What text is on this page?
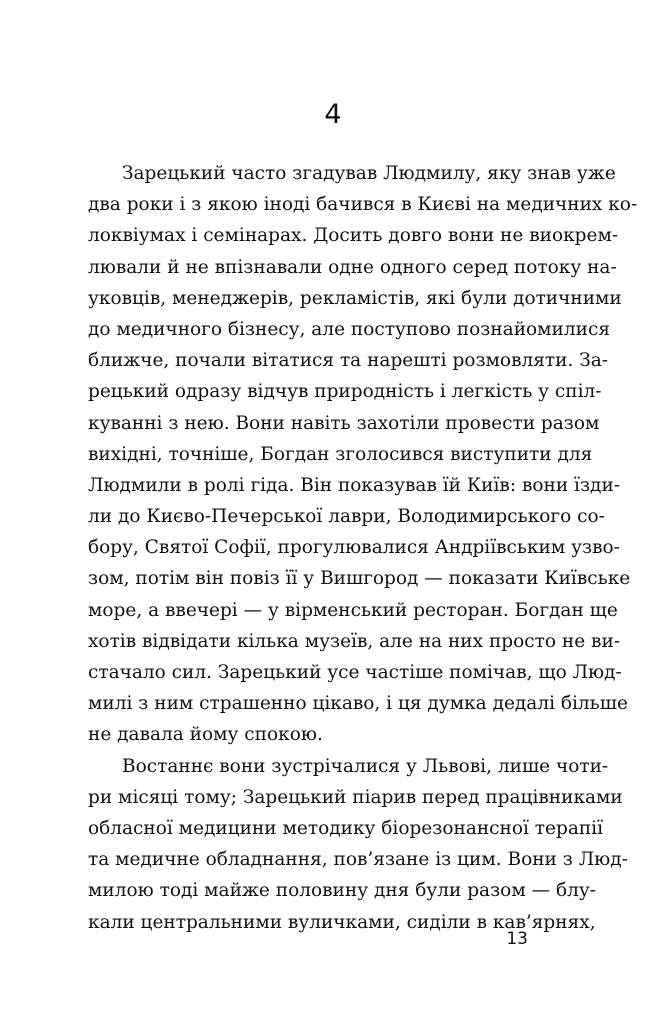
4
Зарецький часто згадував Людмилу, яку знав уже
два роки і з якою іноді бачився в Києві на медичних ко-
локвіумах і семінарах. Досить довго вони не виокрем-
лювали й не впізнавали одне одного серед потоку на-
уковців, менеджерів, рекламістів, які були дотичними
до медичного бізнесу, але поступово познайомилися
ближче, почали вітатися та нарешті розмовляти. За-
рецький одразу відчув природність і легкість у спіл-
куванні з нею. Вони навіть захотіли провести разом
вихідні, точніше, Богдан зголосився виступити для
Людмили в ролі гіда. Він показував їй Київ: вони їзди-
ли до Києво-Печерської лаври, Володимирського со-
бору, Святої Софії, прогулювалися Андріївським узво-
зом, потім він повіз її у Вишгород — показати Київське
море, а ввечері — у вірменський ресторан. Богдан ще
хотів відвідати кілька музеїв, але на них просто не ви-
стачало сил. Зарецький усе частіше помічав, що Люд-
милі з ним страшенно цікаво, і ця думка дедалі більше
не давала йому спокою.
Востаннє вони зустрічалися у Львові, лише чоти-
ри місяці тому; Зарецький піарив перед працівниками
обласної медицини методику біорезонансної терапії
та медичне обладнання, пов’язане із цим. Вони з Люд-
милою тоді майже половину дня були разом — блу-
кали центральними вуличками, сиділи в кав’ярнях,
13
